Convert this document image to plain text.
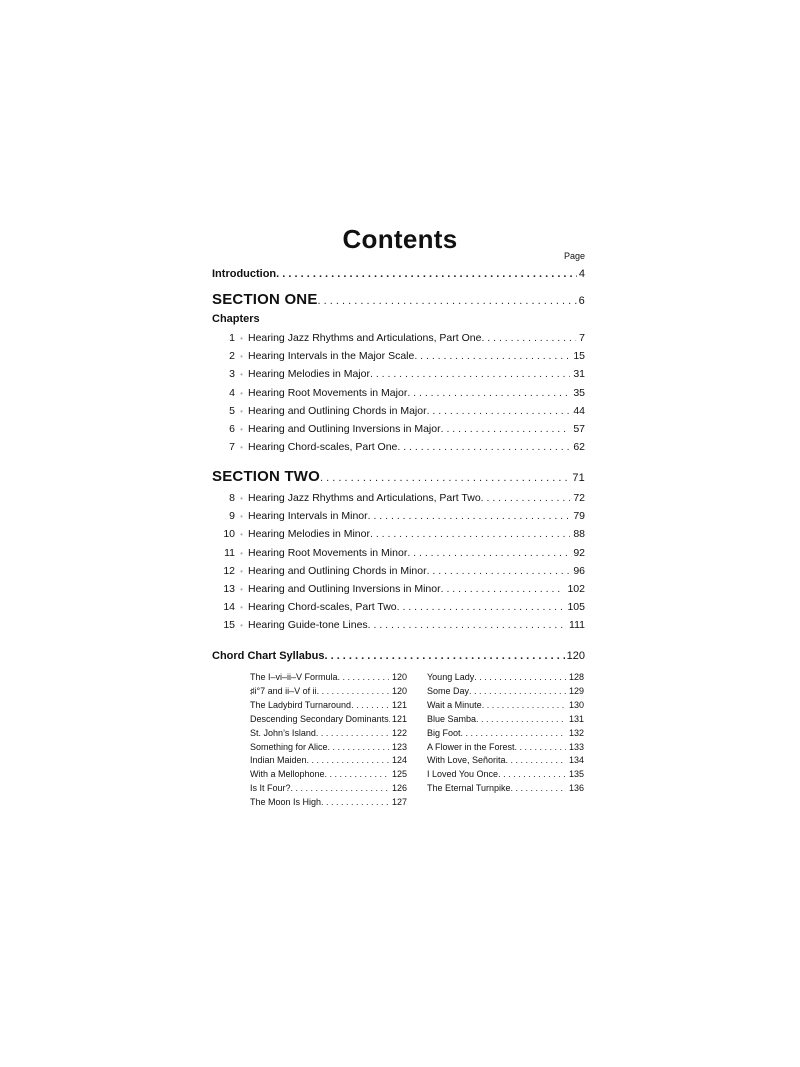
Contents
Page
Introduction . . .	4
SECTION ONE . . .	6
Chapters
1 • Hearing Jazz Rhythms and Articulations, Part One . . .	7
2 • Hearing Intervals in the Major Scale . . .	15
3 • Hearing Melodies in Major . . .	31
4 • Hearing Root Movements in Major . . .	35
5 • Hearing and Outlining Chords in Major . . .	44
6 • Hearing and Outlining Inversions in Major . . .	57
7 • Hearing Chord-scales, Part One . . .	62
SECTION TWO . . .	71
8 • Hearing Jazz Rhythms and Articulations, Part Two . . .	72
9 • Hearing Intervals in Minor . . .	79
10 • Hearing Melodies in Minor . . .	88
11 • Hearing Root Movements in Minor . . .	92
12 • Hearing and Outlining Chords in Minor . . .	96
13 • Hearing and Outlining Inversions in Minor . . .	102
14 • Hearing Chord-scales, Part Two . . .	105
15 • Hearing Guide-tone Lines . . .	111
Chord Chart Syllabus . . .	120
The I–vi–ii–V Formula . . .	120
♯i°7 and ii–V of ii . . .	120
The Ladybird Turnaround . . .	121
Descending Secondary Dominants . . . 121
St. John’s Island . . .	122
Something for Alice . . .	123
Indian Maiden . . .	124
With a Mellophone . . .	125
Is It Four? . . .	126
The Moon Is High . . .	127
Young Lady . . .	128
Some Day . . .	129
Wait a Minute . . .	130
Blue Samba . . .	131
Big Foot . . .	132
A Flower in the Forest . . .	133
With Love, Señorita . . .	134
I Loved You Once . . .	135
The Eternal Turnpike . . .	136
